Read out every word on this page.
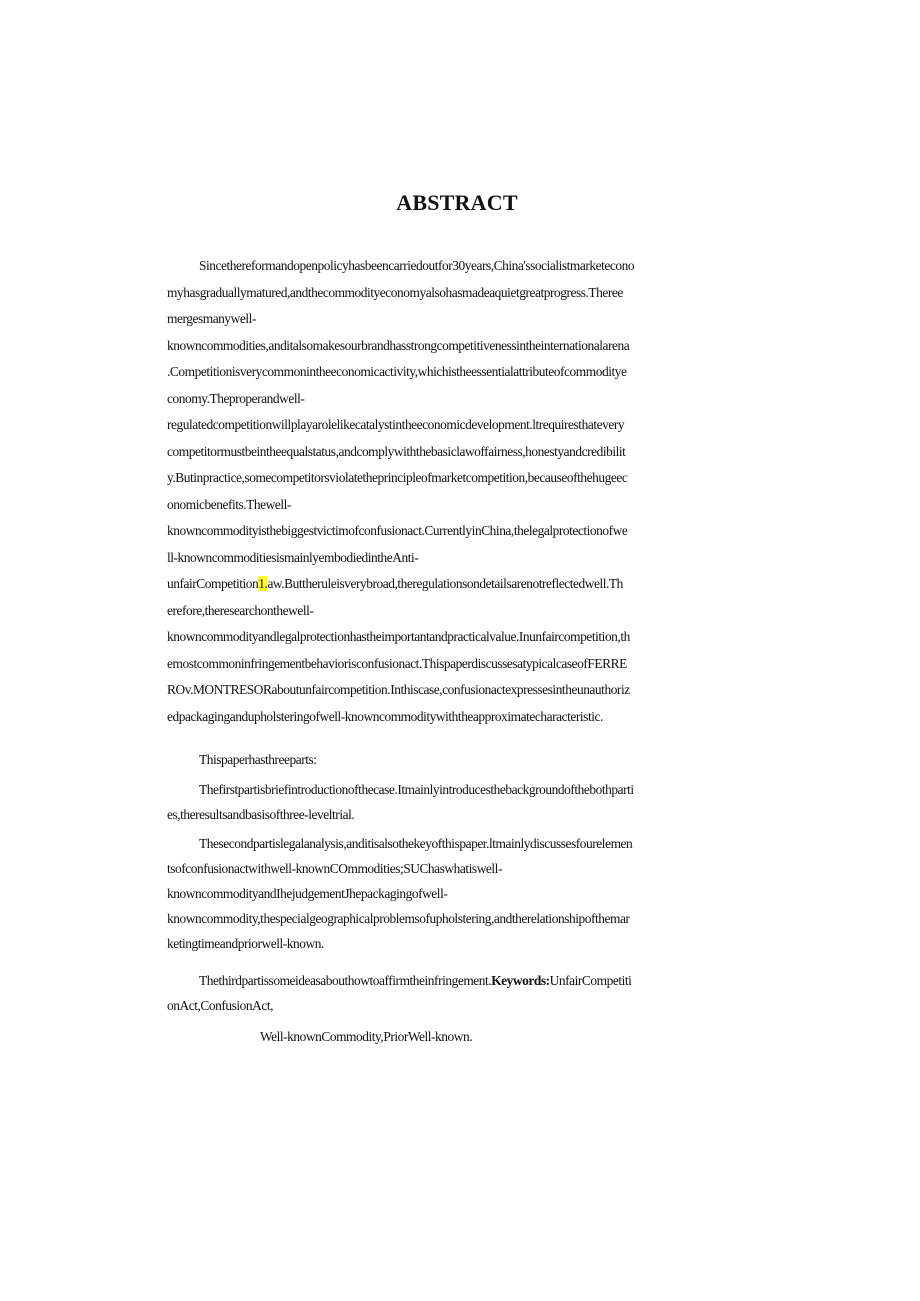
ABSTRACT
Sincethereformandopenpolicyhasbeencarriedoutfor30years,China'ssocialistmarketecono
myhasgraduallymatured,andthecommodityeconomyalsohasmadeaquietgreatprogress.Theree
mergesmanywell-
knowncommodities,anditalsomakesourbrandhasstrongcompetitivenessintheinternationalarena
.Competitionisverycommonintheeconomicactivity,whichistheessentialattributeofcommoditye
conomy.Theproperandwell-
regulatedcompetitionwillplayarolelikecatalystintheeconomicdevelopment.ltrequiresthatevery
competitormustbeintheequalstatus,andcomplywiththebasiclawoffairness,honestyandcredibilit
y.Butinpractice,somecompetitorsviolatetheprincipleofmarketcompetition,becauseofthehugeec
onomicbenefits.Thewell-
knowncommodityisthebiggestvictimofconfusionact.CurrentlyinChina,thelegalprotectionofwe
ll-knowncommoditiesismainlyembodiedintheAnti-
unfairCompetition1.aw.Buttheruleisverybroad,theregulationsondetailsarenotreflectedwell.Th
erefore,theresearchonthewell-
knowncommodityandlegalprotectionhastheimportantandpracticalvalue.Inunfaircompetition,th
emostcommoninfringementbehaviorisconfusionact.ThispaperdiscussesatypicalcaseofFERRE
ROv.MONTRESORaboutunfaircompetition.Inthiscase,confusionactexpressesintheunauthoriz
edpackagingandupholsteringofwell-knowncommoditywiththeapproximatecharacteristic.
Thispaperhasthreeparts:
Thefirstpartisbriefintroductionofthecase.Itmainlyintroducesthebackgroundofthebothparti
es,theresultsandbasisofthree-leveltrial.
Thesecondpartislegalanalysis,anditisalsothekeyofthispaper.ltmainlydiscussesfourelemen
tsofconfusionactwithwell-knownCOmmodities;SUChaswhatiswell-
knowncommodityandIhejudgementJhepackagingofwell-
knowncommodity,thespecialgeographicalproblemsofupholstering,andtherelationshipofthemar
ketingtimeandpriorwell-known.
Thethirdpartissomeideasabouthowtoaffirmtheinfringement.Keywords:UnfairCompetiti
onAct,ConfusionAct,
Well-knownCommodity,PriorWell-known.
